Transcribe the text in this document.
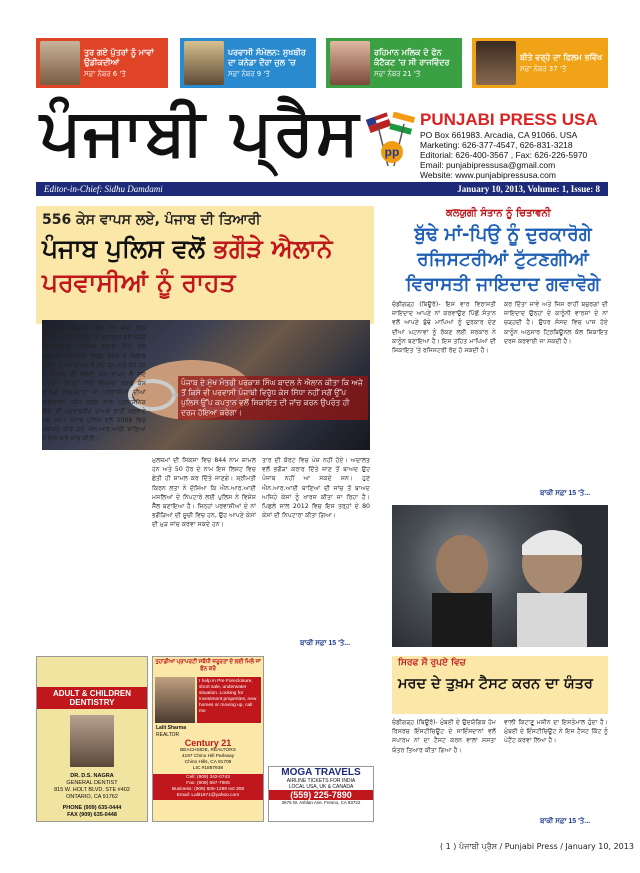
ਤੁਰ ਗਏ ਪੁੱਤਰਾਂ ਨੂੰ ਮਾਵਾਂ ਉਡੀਕਦੀਆਂ
ਸਫ਼ਾ ਨੰਬਰ 6 'ਤੇ
ਪਰਵਾਸੀ ਸੰਮੇਲਨ: ਸੁਖਬੀਰ ਦਾ ਕਨੇਡਾ ਦੌਰਾ ਜੁਲ 'ਚ
ਸਫ਼ਾ ਨੰਬਰ 9 'ਤੇ
ਰਹਿਮਾਨ ਮਲਿਕ ਦੇ ਫੋਨ ਕੰਟੈਕਟ 'ਚ ਸੀ ਰਾਜਵਿੰਦਰ
ਸਫ਼ਾ ਨੰਬਰ 21 'ਤੇ
ਬੀਤੇ ਵਰ੍ਹੇ ਦਾ ਫਿਲਮ ਭਵਿੱਖ
ਸਫ਼ਾ ਨੰਬਰ 37 'ਤੇ
ਪੰਜਾਬੀ ਪ੍ਰੈਸ pp
PUNJABI PRESS USA
PO Box 661983. Arcadia, CA 91066. USA
Marketing: 626-377-4547, 626-831-3218
Editorial: 626-400-3567 , Fax: 626-226-5970
Email: punjabipressusa@gmail.com
Website: www.punjabipressusa.com
Editor-in-Chief: Sidhu Damdami	January 10, 2013, Volume: 1, Issue: 8
556 ਕੇਸ ਵਾਪਸ ਲਏ, ਪੰਜਾਬ ਦੀ ਤਿਆਰੀ
ਪੰਜਾਬ ਪੁਲਿਸ ਵਲੋਂ ਭਗੌੜੇ ਐਲਾਨੇ
ਪਰਵਾਸੀਆਂ ਨੂੰ ਰਾਹਤ
ਪੰਜਾਬ ਦੇ ਮੁੱਖ ਮੰਤਰੀ ਪਰਕਾਸ਼ ਸਿੰਘ ਬਾਦਲ ਨੇ ਐਲਾਨ ਕੀਤਾ ਕਿ ਅਜੇ ਤੋਂ ਕਿਸੇ ਵੀ ਪਰਵਾਸੀ ਪੰਜਾਬੀ ਵਿਰੁੱਧ ਕੇਸ ਸਿੱਧਾ ਨਹੀਂ ਸਗੋਂ ਉੱਪ ਪੁਲਿਸ ਉੱਪ ਕਪਤਾਨ ਵਲੋਂ ਸ਼ਿਕਾਇਤ ਦੀ ਜਾਂਚ ਕਰਨ ਉਪਰੰਤ ਹੀ ਦਰਜ ਹੋਇਆ ਕਰੇਗਾ।
ਚੰਡੀਗੜ੍ਹ (ਬਿਊਰੋ)- ਵੱਖ ਵੱਖ ਦੇਸ਼ਾਂ ਵਿਚ ਪੰਜਾਬ ਪੁਲਿਸ ਦੀ ਲੋੜ 'ਤੇ ਅਦਾਲਤਾਂ ਵਲੋਂ ਭਗੌੜੇ (ਇਸ਼ਤਿਹਾਰੀ ਮੁਲਜ਼ਮ) ਕਰਾਰ ਦਿੱਤੇ ਗਏ ਪਰਵਾਸੀ ਪੰਜਾਬੀਆਂ ਵਿਰੁੱਧ 556 ਦੇ ਖਿਲਾਫ ਪੁਲਿਸ ਨੇ ਕੇਸ ਵਾਪਸ ਲੈ ਲਏ ਹਨ ਅਤੇ 50 ਹੋਰ ਦੇ ਖਿਲਾਫ ਵੀ ਜਲਦੀ ਕੇਸ ਵਾਪਸ ਲੈ ਲਏ ਜਾਣਗੇ। ਇਨ੍ਹਾਂ ਵਿਚੋਂ ਜ਼ਿਆਦਾ ਕਰਕੇ ਕੇਸ ਲਾਲਚੀ ਰਿਸ਼ਤੇਦਾਰਾਂ ਜਾਂ ਪਰਵਾਸੀਆਂ ਦੀਆਂ ਜਾਇਦਾਦਾਂ ਹੜੱਪ ਕਰਨ ਵਾਲੇ ਪ੍ਰਸ਼ਾਸਨਿਕ ਲੋਕਾਂ ਦੀ ਪ੍ਰਭਾਵਹੀਣ ਦਾਅਵੇ ਰਾਹੀਂ ਕਰਵਾਏ ਗਏ ਸਨ। ਪੰਜਾਬ ਪੁਲਿਸ ਵਲੋਂ 2008 ਵਿਚ ਸਥਾਪਤ ਕੀਤੇ ਗਏ ਐਨ.ਆਰ.ਆਈ ਥਾਣਿਆਂ ਨੇ ਇਸ ਬਾਰੇ ਜਾਂਚ ਕੀਤੀ।
ਮੁਲਜ਼ਮਾਂ ਦੀ ਸਿਕਸਾ ਵਿਚ 844 ਨਾਮ ਸ਼ਾਮਲ ਹਨ ਅਤੇ 50 ਹੋਰ ਦੇ ਨਾਮ ਇਸ ਲਿਸਟ ਵਿਚ ਛੇਤੀ ਹੀ ਸ਼ਾਮਲ ਕਰ ਦਿੱਤੇ ਜਾਣਗੇ। ਸ਼੍ਰੀਮਤੀ ਕਿਰਨ ਲਤਾ ਨੇ ਦੱਸਿਆ ਕਿ ਐਨ.ਆਰ.ਆਈ ਮਸਲਿਆਂ ਦੇ ਨਿਪਟਾਰੇ ਲਈ ਪੁਲਿਸ ਨੇ ਵਿਸ਼ੇਸ਼ ਸੈੱਲ ਬਣਾਇਆ ਹੈ। ਜਿਨ੍ਹਾਂ ਪਰਵਾਸੀਆਂ ਦੇ ਨਾਂ ਭਗੌੜਿਆਂ ਦੀ ਸੂਚੀ ਵਿਚ ਹਨ, ਉਹ ਆਪਣੇ ਕੇਸਾਂ ਦੀ ਮੁੜ ਜਾਂਚ ਕਰਵਾ ਸਕਦੇ ਹਨ।
ਤਾਰ ਦੀ ਕੋਰਟ ਵਿਚ ਪੇਸ਼ ਨਹੀਂ ਹੋਏ। ਅਦਾਲਤ ਵਲੋਂ ਭਗੌੜਾ ਕਰਾਰ ਦਿੱਤੇ ਜਾਣ ਤੋਂ ਬਾਅਦ ਉਹ ਪੰਜਾਬ ਨਹੀਂ ਆ ਸਕਦੇ ਸਨ। ਹੁਣ ਐਨ.ਆਰ.ਆਈ ਥਾਣਿਆਂ ਦੀ ਜਾਂਚ ਤੋਂ ਬਾਅਦ ਅਜਿਹੇ ਕੇਸਾਂ ਨੂੰ ਖਾਰਜ ਕੀਤਾ ਜਾ ਰਿਹਾ ਹੈ। ਪਿਛਲੇ ਸਾਲ 2012 ਵਿਚ ਇਸ ਤਰ੍ਹਾਂ ਦੇ 80 ਕੇਸਾਂ ਦੀ ਨਿਪਟਾਰਾ ਕੀਤਾ ਗਿਆ।
ਬਾਕੀ ਸਫ਼ਾ 15 'ਤੇ...
ਕਲਯੁਗੀ ਸੰਤਾਨ ਨੂੰ ਚਿਤਾਵਨੀ
ਬੁੱਢੇ ਮਾਂ-ਪਿਉ ਨੂੰ ਦੁਰਕਾਰੋਗੇ ਰਜਿਸਟਰੀਆਂ ਟੁੱਟਣਗੀਆਂ ਵਿਰਾਸਤੀ ਜਾਇਦਾਦ ਗਵਾਵੋਗੇ
ਚੰਡੀਗੜ੍ਹ (ਬਿਊਰੋ)- ਇਸ ਵਾਰ ਵਿਰਾਸਤੀ ਜਾਇਦਾਦ ਆਪਣੇ ਨਾਂ ਕਰਵਾਉਣ ਪਿੱਛੋਂ ਸੰਤਾਨ ਵਲੋਂ ਆਪਣੇ ਬੁੱਢੇ ਮਾਪਿਆਂ ਨੂੰ ਦੁਰਕਾਰ ਦੇਣ ਦੀਆਂ ਘਟਨਾਵਾਂ ਨੂੰ ਰੋਕਣ ਲਈ ਸਰਕਾਰ ਨੇ ਕਾਨੂੰਨ ਬਣਾਇਆ ਹੈ। ਇਸ ਤਹਿਤ ਮਾਪਿਆਂ ਦੀ ਸ਼ਿਕਾਇਤ 'ਤੇ ਰਜਿਸਟਰੀ ਰੱਦ ਹੋ ਸਕਦੀ ਹੈ।
ਕਰ ਦਿੱਤਾ ਜਾਵੇ ਅਤੇ ਜਿਸ ਰਾਹੀਂ ਬਜ਼ੁਰਗਾਂ ਦੀ ਜਾਇਦਾਦ ਉਨ੍ਹਾਂ ਦੇ ਕਾਨੂੰਨੀ ਵਾਰਸਾਂ ਦੇ ਨਾਂ ਚੜ੍ਹਦੀ ਹੈ। ਉਧਰ ਸੰਸਦ ਵਿਚ ਪਾਸ ਹੋਏ ਕਾਨੂੰਨ ਅਨੁਸਾਰ ਟ੍ਰਿਬਿਊਨਲ ਕੋਲ ਸ਼ਿਕਾਇਤ ਦਰਜ ਕਰਵਾਈ ਜਾ ਸਕਦੀ ਹੈ।
ਬਾਕੀ ਸਫ਼ਾ 15 'ਤੇ...
ਸਿਰਫ ਸੌ ਰੁਪਏ ਵਿਚ
ਮਰਦ ਦੇ ਤੁਖ਼ਮ ਟੈਸਟ ਕਰਨ ਦਾ ਯੰਤਰ
ਚੰਡੀਗੜ੍ਹ (ਬਿਊਰੋ)- ਮੁੰਬਈ ਦੇ ਉਦਯੋਗਿਕ ਹੋਮ ਰਿਸਰਚ ਇੰਸਟੀਚਿਊਟ ਦੇ ਸਾਇੰਸਦਾਨਾਂ ਵਲੋਂ ਸਪਾਰਮ ਨਾਂ ਦਾ ਟੈਸਟ ਕਰਨ ਵਾਲਾ ਸਸਤਾ ਯੰਤਰ ਤਿਆਰ ਕੀਤਾ ਗਿਆ ਹੈ।
ਵਾਲੀ ਕਿਟਾਣੂ ਮਸ਼ੀਨ ਦਾ ਇਸਤੇਮਾਲ ਹੁੰਦਾ ਹੈ। ਮੁੰਬਈ ਦੇ ਇੰਸਟੀਚਿਊਟ ਨੇ ਇਸ ਟੈਸਟ ਕਿੱਟ ਨੂੰ ਪੇਟੈਂਟ ਕਰਵਾ ਲਿਆ ਹੈ।
ਬਾਕੀ ਸਫ਼ਾ 15 'ਤੇ...
ADULT & CHILDREN DENTISTRY
DR. D.S. NAGRA
GENERAL DENTIST
815 W. HOLT BLVD. STE #402
ONTARIO, CA 91762
PHONE (909) 635-0444
FAX (909) 635-0448
ਤੁਹਾਡੀਆਂ ਪ੍ਰਾਪਰਟੀ ਸਬੰਧੀ ਜ਼ਰੂਰਤਾਂ ਦੇ ਲਈ ਮਿਲੋ ਜਾਂ ਫੋਨ ਕਰੋ
I help in Pre Foreclosure, short sale, underwater situation. Looking for investment properties, new homes or moving up, call me
Lalit Sharma
REALTOR
Century 21
BEACHSIDE, REALTORS
4197 Chino Hill Parkway
Chino Hills, CA 91709
LIC.#1887938
Cell: (909) 342-0743
Fax: (909) 597-7906
Business: (909) 606-1299 ext 308
Email: Lalit1671@yahoo.com
MOGA TRAVELS
AIRLINE TICKETS FOR INDIA
LOCAL USA, UK & CANADA
(559) 225-7890
3675 W. Ashlan Ave. Fresno, CA 93722
( 1 ) ਪੰਜਾਬੀ ਪ੍ਰੈਸ / Punjabi Press / January 10, 2013
